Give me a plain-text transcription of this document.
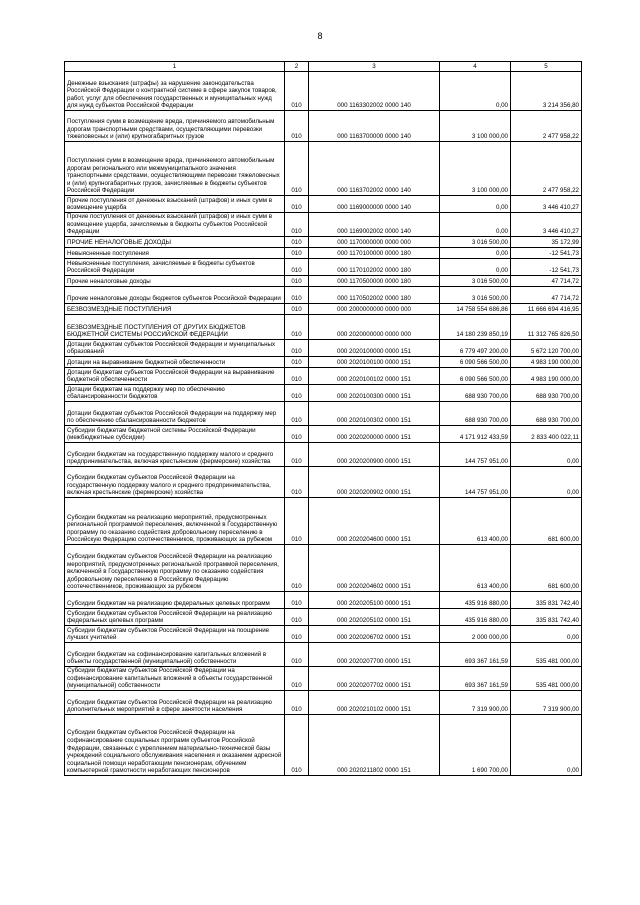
8
1	2	3	4	5
Денежные взыскания (штрафы) за нарушение законодательства Российской Федерации о контрактной системе в сфере закупок товаров, работ, услуг для обеспечения государственных и муниципальных нужд для нужд субъектов Российской Федерации	010	000 1163302002 0000 140	0,00	3 214 356,80
Поступления сумм в возмещение вреда, причиняемого автомобильным дорогам транспортными средствами, осуществляющими перевозки тяжеловесных и (или) крупногабаритных грузов	010	000 1163700000 0000 140	3 100 000,00	2 477 958,22
Поступления сумм в возмещение вреда, причиняемого автомобильным дорогам регионального или межмуниципального значения транспортными средствами, осуществляющими перевозки тяжеловесных и (или) крупногабаритных грузов, зачисляемые в бюджеты субъектов Российской Федерации	010	000 1163702002 0000 140	3 100 000,00	2 477 958,22
Прочие поступления от денежных взысканий (штрафов) и иных сумм в возмещение ущерба	010	000 1169000000 0000 140	0,00	3 446 410,27
Прочие поступления от денежных взысканий (штрафов) и иных сумм в возмещение ущерба, зачисляемые в бюджеты субъектов Российской Федерации	010	000 1169002002 0000 140	0,00	3 446 410,27
ПРОЧИЕ НЕНАЛОГОВЫЕ ДОХОДЫ	010	000 1170000000 0000 000	3 016 500,00	35 172,99
Невыясненные поступления	010	000 1170100000 0000 180	0,00	-12 541,73
Невыясненные поступления, зачисляемые в бюджеты субъектов Российской Федерации	010	000 1170102002 0000 180	0,00	-12 541,73
Прочие неналоговые доходы	010	000 1170500000 0000 180	3 016 500,00	47 714,72
Прочие неналоговые доходы бюджетов субъектов Российской Федерации	010	000 1170502002 0000 180	3 016 500,00	47 714,72
БЕЗВОЗМЕЗДНЫЕ ПОСТУПЛЕНИЯ	010	000 2000000000 0000 000	14 758 554 686,86	11 666 694 416,95
БЕЗВОЗМЕЗДНЫЕ ПОСТУПЛЕНИЯ ОТ ДРУГИХ БЮДЖЕТОВ БЮДЖЕТНОЙ СИСТЕМЫ РОССИЙСКОЙ ФЕДЕРАЦИИ	010	000 2020000000 0000 000	14 180 239 850,19	11 312 765 826,50
Дотации бюджетам субъектов Российской Федерации и муниципальных образований	010	000 2020100000 0000 151	6 779 497 200,00	5 672 120 700,00
Дотации на выравнивание бюджетной обеспеченности	010	000 2020100100 0000 151	6 090 566 500,00	4 983 190 000,00
Дотации бюджетам субъектов Российской Федерации на выравнивание бюджетной обеспеченности	010	000 2020100102 0000 151	6 090 566 500,00	4 983 190 000,00
Дотации бюджетам на поддержку мер по обеспечению сбалансированности бюджетов	010	000 2020100300 0000 151	688 930 700,00	688 930 700,00
Дотации бюджетам субъектов Российской Федерации на поддержку мер по обеспечению сбалансированности бюджетов	010	000 2020100302 0000 151	688 930 700,00	688 930 700,00
Субсидии бюджетам бюджетной системы Российской Федерации (межбюджетные субсидии)	010	000 2020200000 0000 151	4 171 912 433,59	2 833 400 022,11
Субсидии бюджетам на государственную поддержку малого и среднего предпринимательства, включая крестьянские (фермерские) хозяйства	010	000 2020200900 0000 151	144 757 951,00	0,00
Субсидии бюджетам субъектов Российской Федерации на государственную поддержку малого и среднего предпринимательства, включая крестьянские (фермерские) хозяйства	010	000 2020200902 0000 151	144 757 951,00	0,00
Субсидии бюджетам на реализацию мероприятий, предусмотренных региональной программой переселения, включенной в Государственную программу по оказанию содействия добровольному переселению в Российскую Федерацию соотечественников, проживающих за рубежом	010	000 2020204600 0000 151	613 400,00	681 600,00
Субсидии бюджетам субъектов Российской Федерации на реализацию мероприятий, предусмотренных региональной программой переселения, включенной в Государственную программу по оказанию содействия добровольному переселению в Российскую Федерацию соотечественников, проживающих за рубежом	010	000 2020204602 0000 151	613 400,00	681 600,00
Субсидии бюджетам на реализацию федеральных целевых программ	010	000 2020205100 0000 151	435 916 880,00	335 831 742,40
Субсидии бюджетам субъектов Российской Федерации на реализацию федеральных целевых программ	010	000 2020205102 0000 151	435 916 880,00	335 831 742,40
Субсидии бюджетам субъектов Российской Федерации на поощрение лучших учителей	010	000 2020206702 0000 151	2 000 000,00	0,00
Субсидии бюджетам на софинансирование капитальных вложений в объекты государственной (муниципальной) собственности	010	000 2020207700 0000 151	693 367 161,59	535 481 000,00
Субсидии бюджетам субъектов Российской Федерации на софинансирование капитальных вложений в объекты государственной (муниципальной) собственности	010	000 2020207702 0000 151	693 367 161,59	535 481 000,00
Субсидии бюджетам субъектов Российской Федерации на реализацию дополнительных мероприятий в сфере занятости населения	010	000 2020210102 0000 151	7 319 900,00	7 319 900,00
Субсидии бюджетам субъектов Российской Федерации на софинансирование социальных программ субъектов Российской Федерации, связанных с укреплением материально-технической базы учреждений социального обслуживания населения и оказанием адресной социальной помощи неработающим пенсионерам, обучением компьютерной грамотности неработающих пенсионеров	010	000 2020211802 0000 151	1 690 700,00	0,00
